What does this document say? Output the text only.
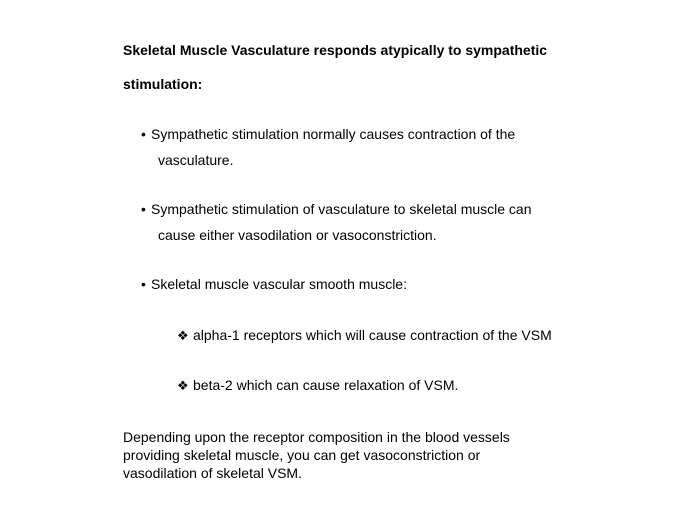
Skeletal Muscle Vasculature responds atypically to sympathetic
stimulation:
• Sympathetic stimulation normally causes contraction of the
vasculature.
• Sympathetic stimulation of vasculature to skeletal muscle can
cause either vasodilation or vasoconstriction.
• Skeletal muscle vascular smooth muscle:
❖ alpha-1 receptors which will cause contraction of the VSM
❖ beta-2 which can cause relaxation of VSM.
Depending upon the receptor composition in the blood vessels
providing skeletal muscle, you can get vasoconstriction or
vasodilation of skeletal VSM.
